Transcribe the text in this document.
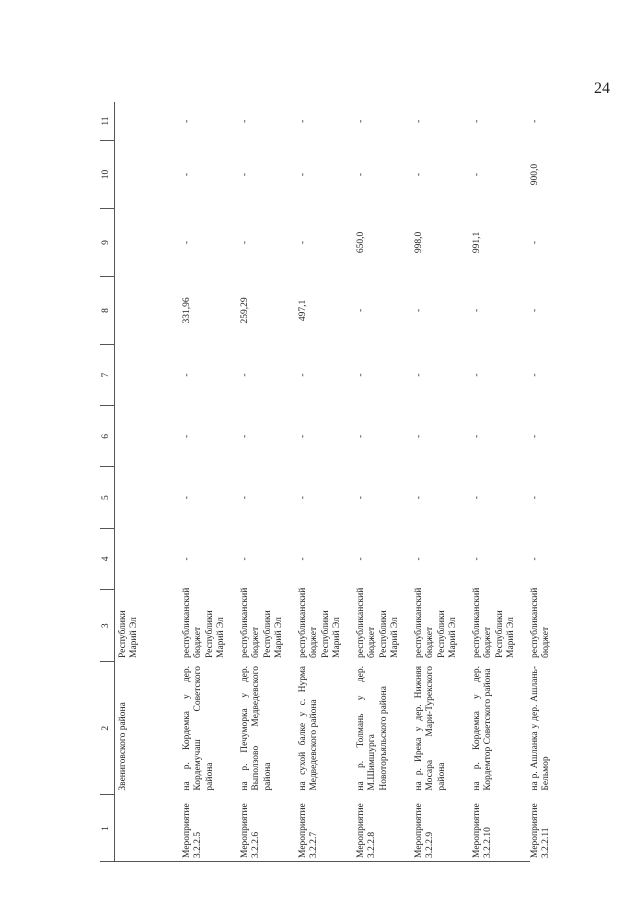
24
1	2	3	4	5	6	7	8	9	10	11
	Звениговского района	Республики Марий Эл								
Мероприятие 3.2.2.5	на р. Кордемка у дер. Кордемучаш Советского района	республиканский бюджет Республики Марий Эл	-	-	-	-	331,96	-	-	-
Мероприятие 3.2.2.6	на р. Печуморка у дер. Выползово Медведевского района	республиканский бюджет Республики Марий Эл	-	-	-	-	259,29	-	-	-
Мероприятие 3.2.2.7	на сухой балке у с. Нурма Медведевского района	республиканский бюджет Республики Марий Эл	-	-	-	-	497,1	-	-	-
Мероприятие 3.2.2.8	на р. Толмань у дер. М.Шимшурга Новоторъяльского района	республиканский бюджет Республики Марий Эл	-	-	-	-	-	650,0	-	-
Мероприятие 3.2.2.9	на р. Ирека у дер. Нижняя Мосара Мари-Турекского района	республиканский бюджет Республики Марий Эл	-	-	-	-	-	998,0	-	-
Мероприятие 3.2.2.10	на р. Кордемка у дер. Кордемтор Советского района	республиканский бюджет Республики Марий Эл	-	-	-	-	-	991,1	-	-
Мероприятие 3.2.2.11	на р. Ашланка у дер. Ашлань-Бельмор	республиканский бюджет	-	-	-	-	-	-	900,0	-
